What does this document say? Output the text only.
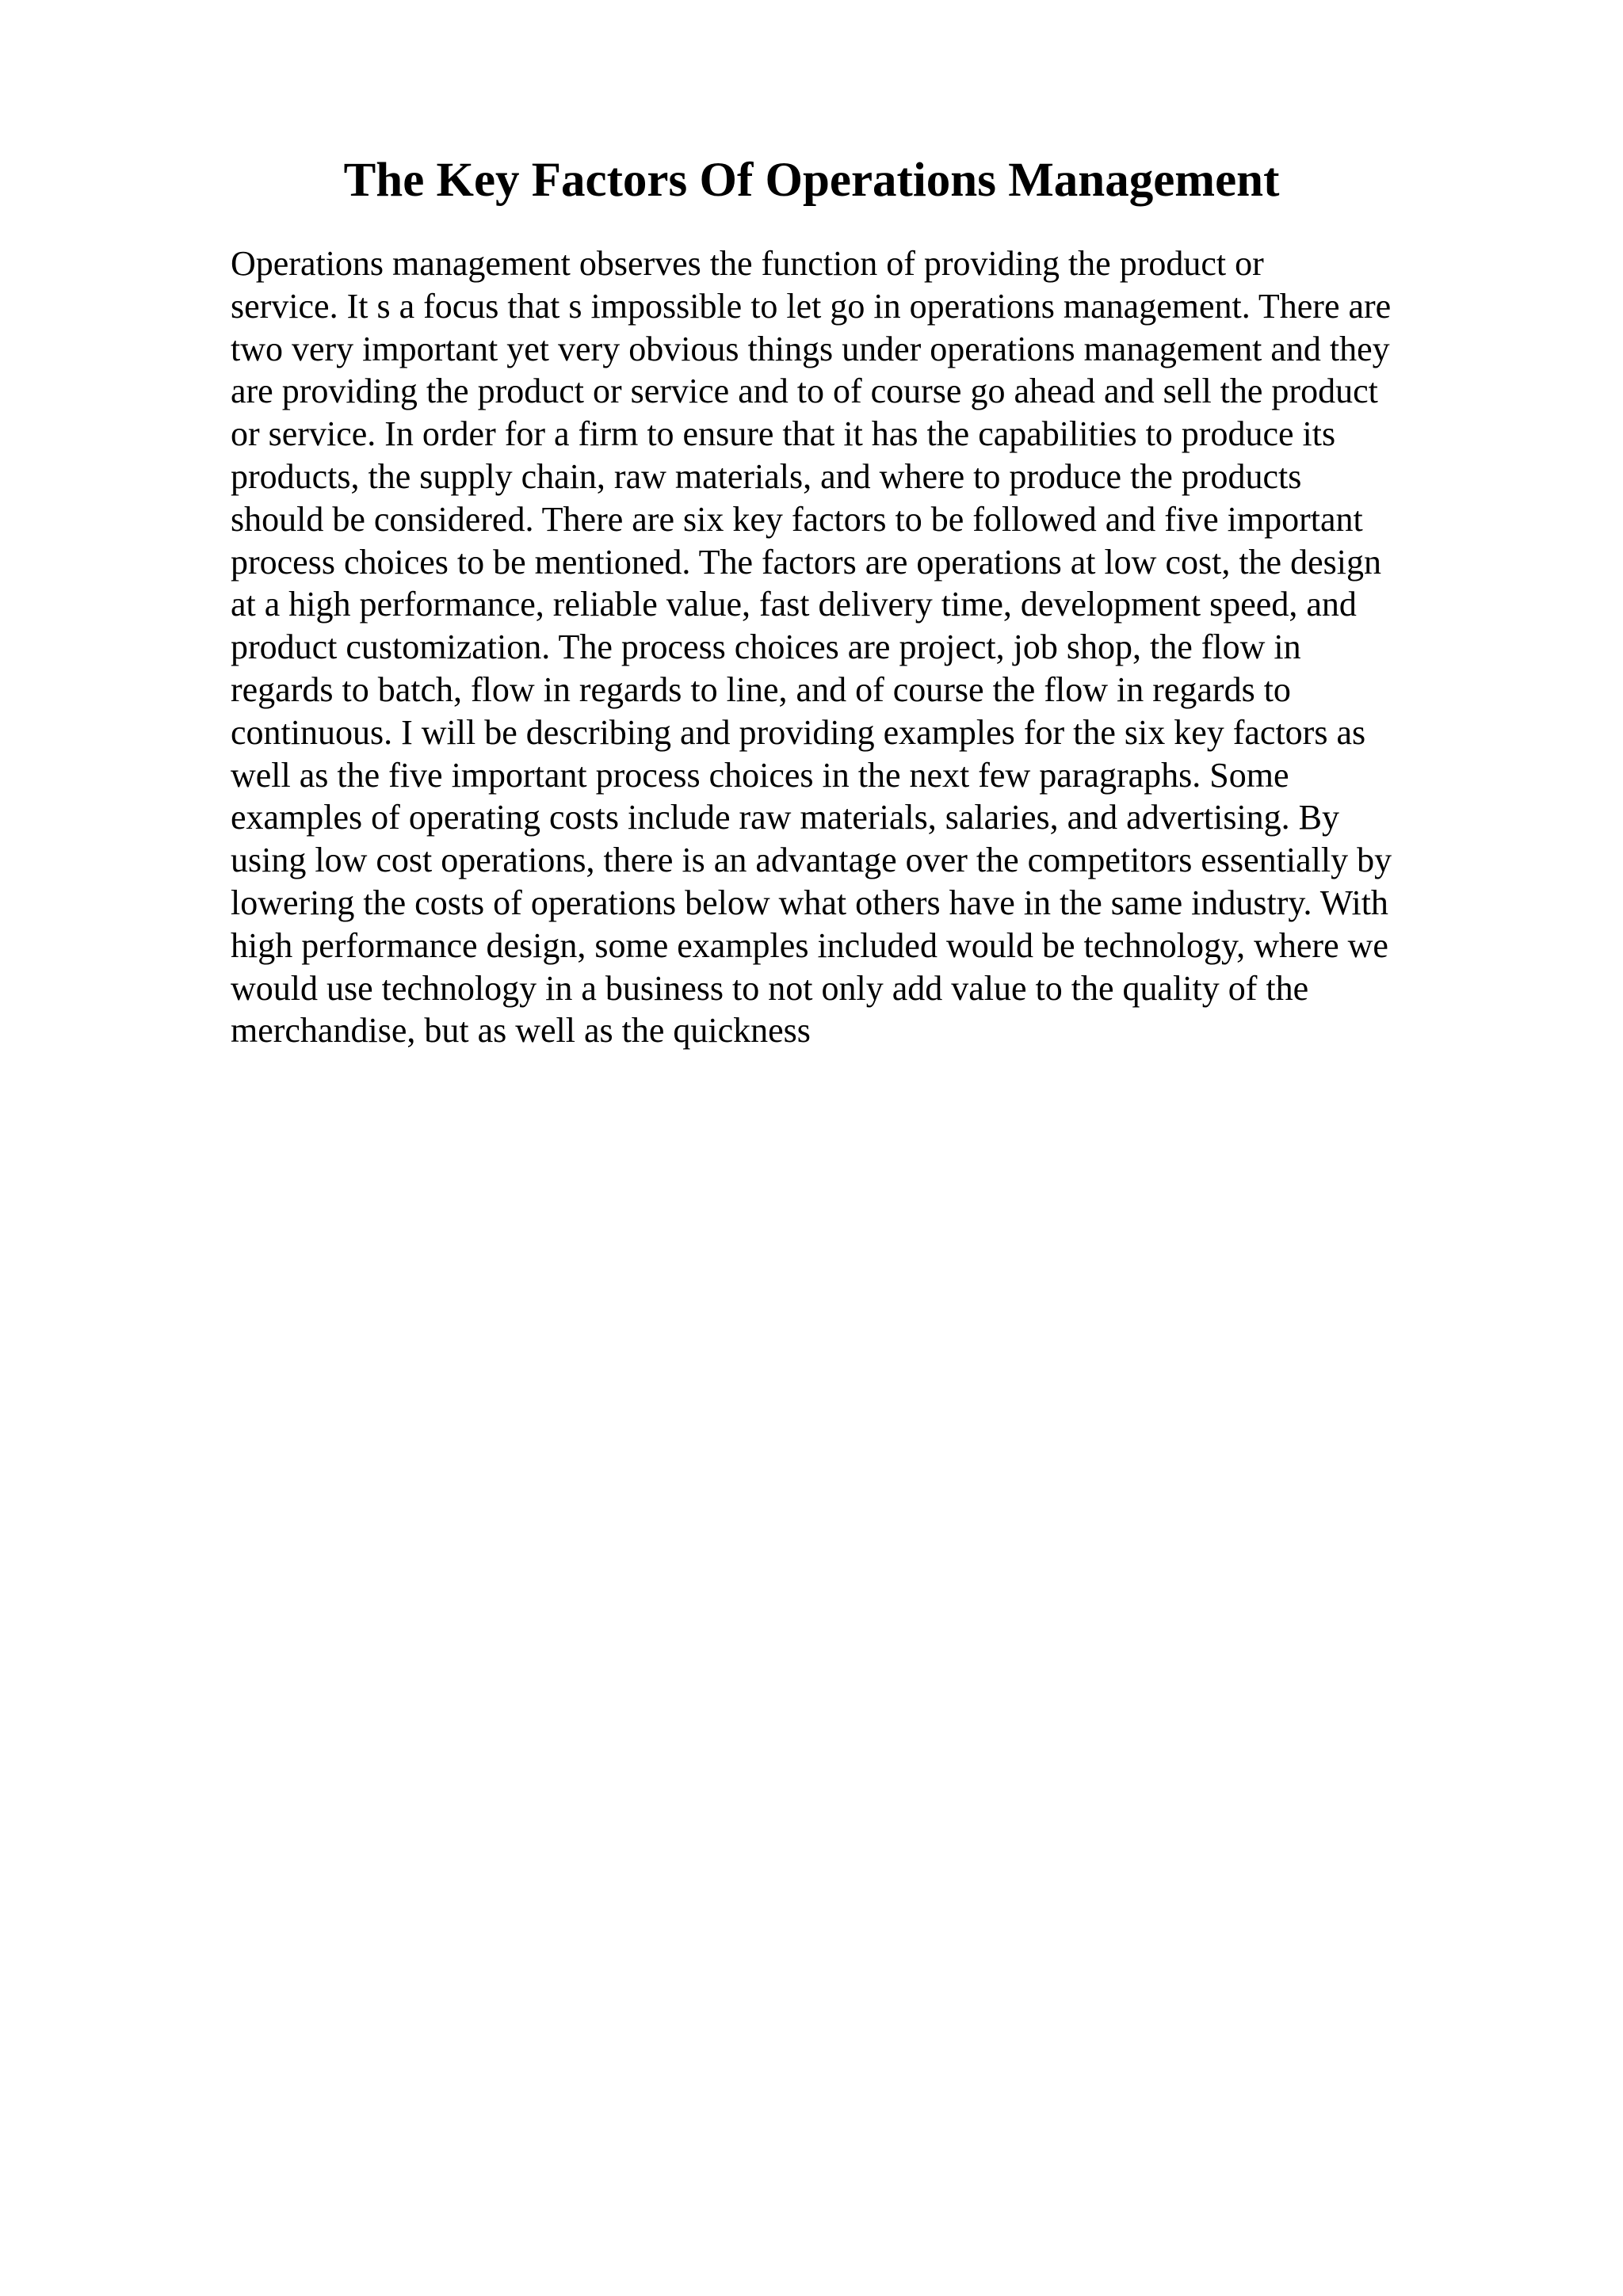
The Key Factors Of Operations Management
Operations management observes the function of providing the product or
service. It s a focus that s impossible to let go in operations management. There are
two very important yet very obvious things under operations management and they
are providing the product or service and to of course go ahead and sell the product
or service. In order for a firm to ensure that it has the capabilities to produce its
products, the supply chain, raw materials, and where to produce the products
should be considered. There are six key factors to be followed and five important
process choices to be mentioned. The factors are operations at low cost, the design
at a high performance, reliable value, fast delivery time, development speed, and
product customization. The process choices are project, job shop, the flow in
regards to batch, flow in regards to line, and of course the flow in regards to
continuous. I will be describing and providing examples for the six key factors as
well as the five important process choices in the next few paragraphs. Some
examples of operating costs include raw materials, salaries, and advertising. By
using low cost operations, there is an advantage over the competitors essentially by
lowering the costs of operations below what others have in the same industry. With
high performance design, some examples included would be technology, where we
would use technology in a business to not only add value to the quality of the
merchandise, but as well as the quickness
